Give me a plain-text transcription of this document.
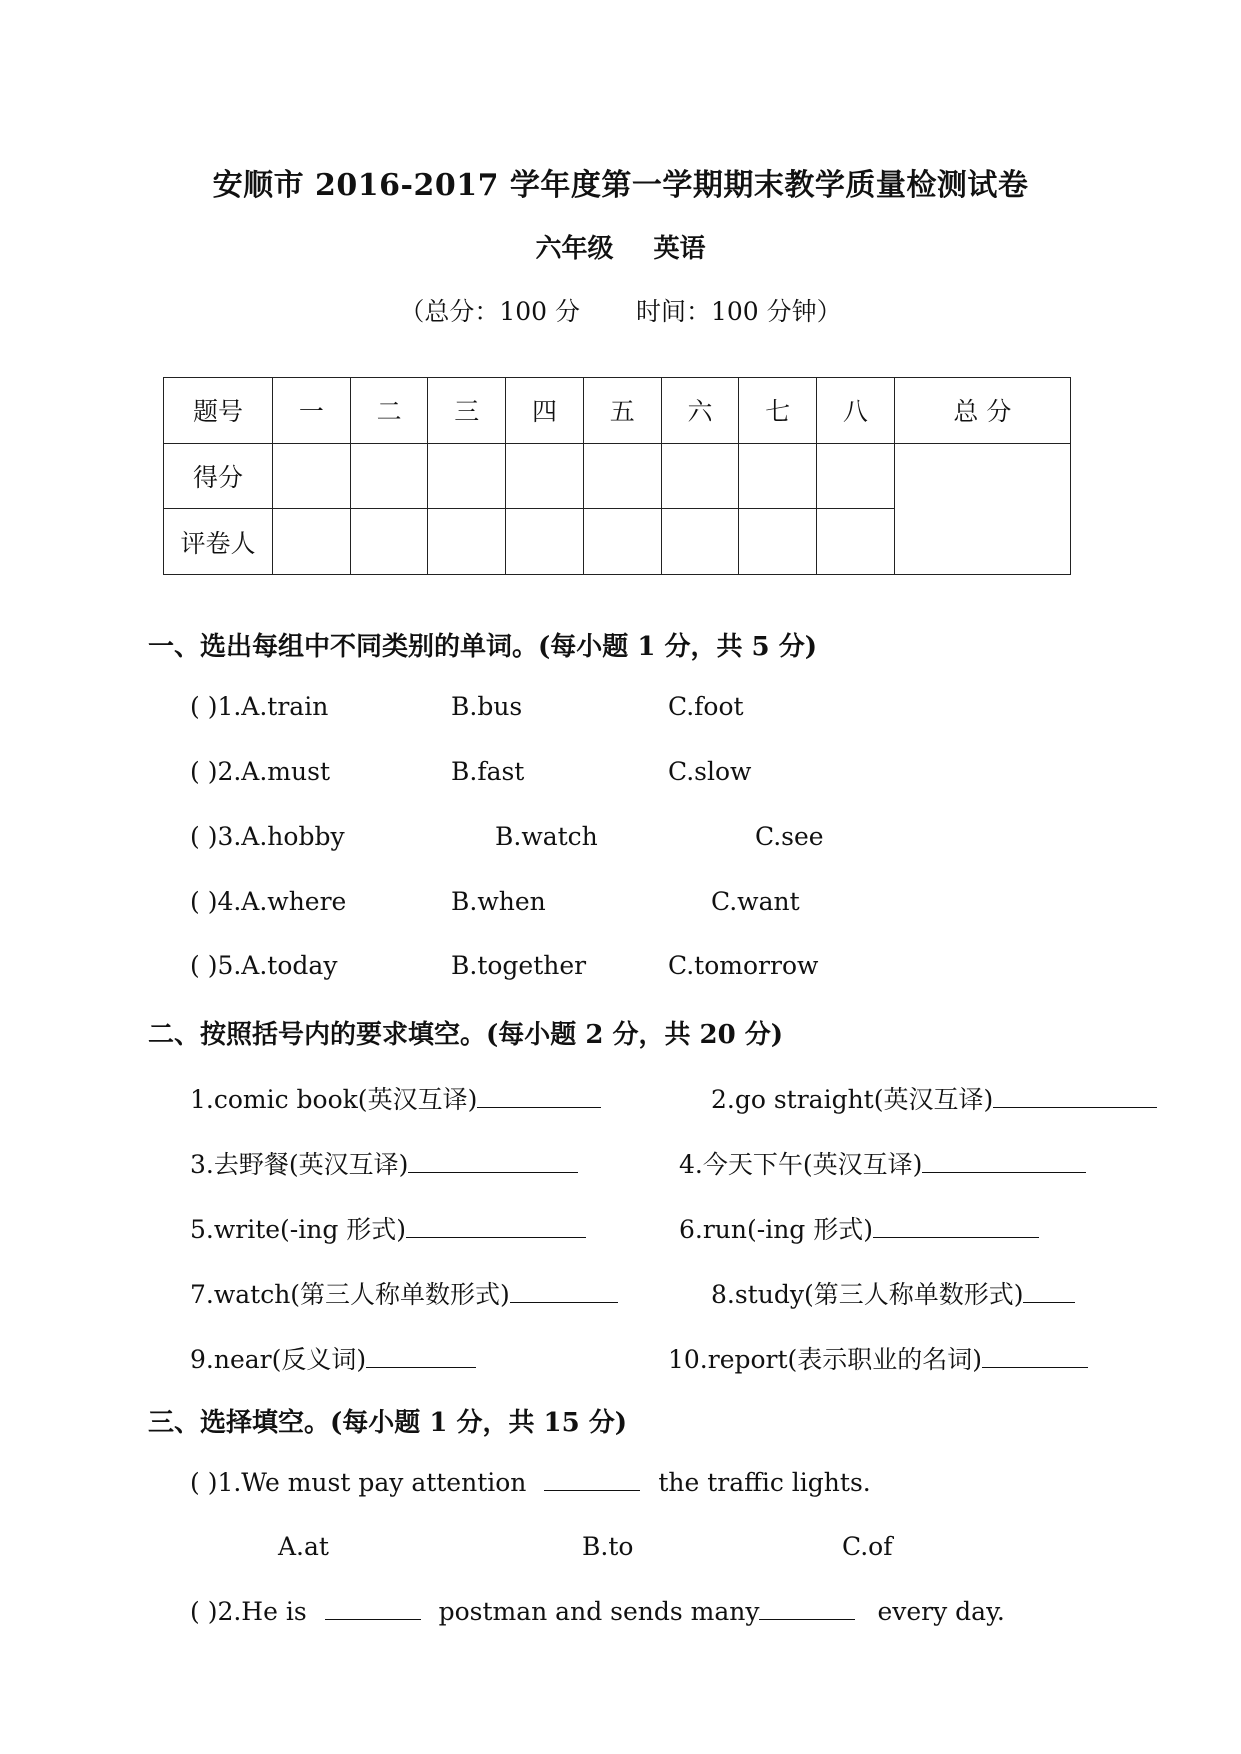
安顺市 2016-2017 学年度第一学期期末教学质量检测试卷
六年级 英语
（总分：100 分 时间：100 分钟）
题号	一	二	三	四	五	六	七	八	总 分
得分									
评卷人									
一、选出每组中不同类别的单词。(每小题 1 分，共 5 分)
( )1.A.train	B.bus	C.foot
( )2.A.must	B.fast	C.slow
( )3.A.hobby	B.watch	C.see
( )4.A.where	B.when	C.want
( )5.A.today	B.together	C.tomorrow
二、按照括号内的要求填空。(每小题 2 分，共 20 分)
1.comic book(英汉互译)	2.go straight(英汉互译)
3.去野餐(英汉互译)	4.今天下午(英汉互译)
5.write(-ing 形式)	6.run(-ing 形式)
7.watch(第三人称单数形式)	8.study(第三人称单数形式)
9.near(反义词)	10.report(表示职业的名词)
三、选择填空。(每小题 1 分，共 15 分)
( )1.We must pay attention	the traffic lights.
A.at	B.to	C.of
( )2.He is	postman and sends many	every day.
